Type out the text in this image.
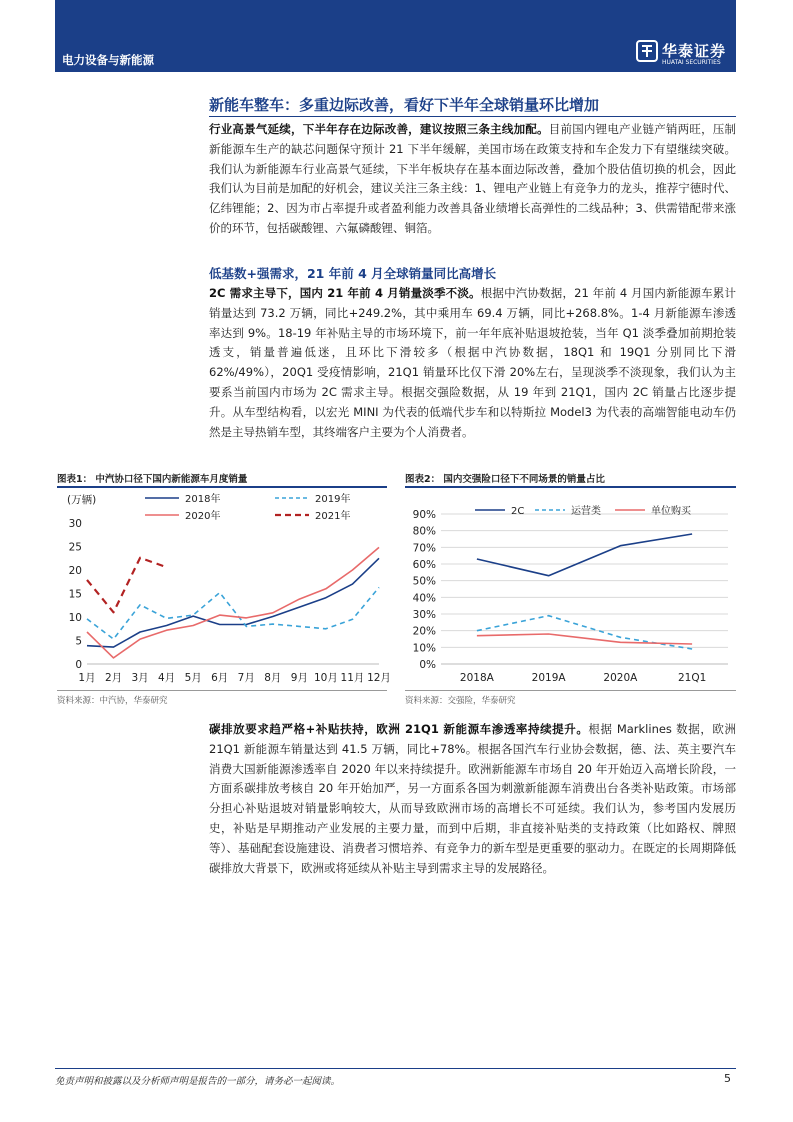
电力设备与新能源	华泰证券
HUATAI SECURITIES
新能车整车：多重边际改善，看好下半年全球销量环比增加
行业高景气延续，下半年存在边际改善，建议按照三条主线加配。目前国内锂电产业链产销两旺，压制新能源车生产的缺芯问题保守预计 21 下半年缓解，美国市场在政策支持和车企发力下有望继续突破。我们认为新能源车行业高景气延续，下半年板块存在基本面边际改善，叠加个股估值切换的机会，因此我们认为目前是加配的好机会，建议关注三条主线：1、锂电产业链上有竞争力的龙头，推荐宁德时代、亿纬锂能；2、因为市占率提升或者盈利能力改善具备业绩增长高弹性的二线品种；3、供需错配带来涨价的环节，包括碳酸锂、六氟磷酸锂、铜箔。
低基数+强需求，21 年前 4 月全球销量同比高增长
2C 需求主导下，国内 21 年前 4 月销量淡季不淡。根据中汽协数据，21 年前 4 月国内新能源车累计销量达到 73.2 万辆，同比+249.2%，其中乘用车 69.4 万辆，同比+268.8%。1-4 月新能源车渗透率达到 9%。18-19 年补贴主导的市场环境下，前一年年底补贴退坡抢装，当年 Q1 淡季叠加前期抢装透支，销量普遍低迷，且环比下滑较多（根据中汽协数据，18Q1 和 19Q1 分别同比下滑 62%/49%），20Q1 受疫情影响，21Q1 销量环比仅下滑 20%左右，呈现淡季不淡现象，我们认为主要系当前国内市场为 2C 需求主导。根据交强险数据，从 19 年到 21Q1，国内 2C 销量占比逐步提升。从车型结构看，以宏光 MINI 为代表的低端代步车和以特斯拉 Model3 为代表的高端智能电动车仍然是主导热销车型，其终端客户主要为个人消费者。
图表1： 中汽协口径下国内新能源车月度销量
0
5
10
15
20
25
30
1月 2月 3月 4月 5月 6月 7月 8月 9月 10月 11月 12月
(万辆)	2018年	2019年
2020年	2021年
资料来源：中汽协，华泰研究
图表2： 国内交强险口径下不同场景的销量占比
0%
10%
20%
30%
40%
50%
60%
70%
80%
90%
2018A	2019A	2020A	21Q1
2C	运营类	单位购买
资料来源：交强险，华泰研究
碳排放要求趋严格+补贴扶持，欧洲 21Q1 新能源车渗透率持续提升。根据 Marklines 数据，欧洲 21Q1 新能源车销量达到 41.5 万辆，同比+78%。根据各国汽车行业协会数据，德、法、英主要汽车消费大国新能源渗透率自 2020 年以来持续提升。欧洲新能源车市场自 20 年开始迈入高增长阶段，一方面系碳排放考核自 20 年开始加严，另一方面系各国为刺激新能源车消费出台各类补贴政策。市场部分担心补贴退坡对销量影响较大，从而导致欧洲市场的高增长不可延续。我们认为，参考国内发展历史，补贴是早期推动产业发展的主要力量，而到中后期，非直接补贴类的支持政策（比如路权、牌照等）、基础配套设施建设、消费者习惯培养、有竞争力的新车型是更重要的驱动力。在既定的长周期降低碳排放大背景下，欧洲或将延续从补贴主导到需求主导的发展路径。
免责声明和披露以及分析师声明是报告的一部分，请务必一起阅读。	5
